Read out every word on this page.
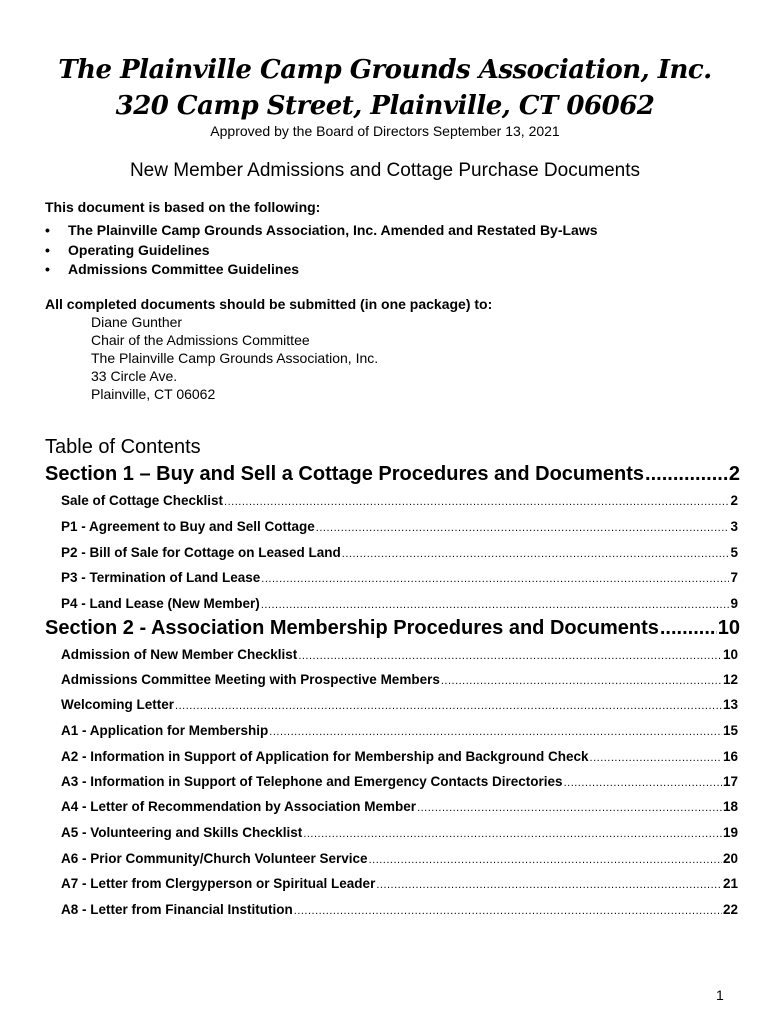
The Plainville Camp Grounds Association, Inc.
320 Camp Street, Plainville, CT 06062
Approved by the Board of Directors September 13, 2021
New Member Admissions and Cottage Purchase Documents
This document is based on the following:
• The Plainville Camp Grounds Association, Inc. Amended and Restated By-Laws
• Operating Guidelines
• Admissions Committee Guidelines
All completed documents should be submitted (in one package) to:
Diane Gunther
Chair of the Admissions Committee
The Plainville Camp Grounds Association, Inc.
33 Circle Ave.
Plainville, CT 06062
Table of Contents
Section 1 – Buy and Sell a Cottage Procedures and Documents .....	2
Sale of Cottage Checklist .....	2
P1 - Agreement to Buy and Sell Cottage .....	3
P2 - Bill of Sale for Cottage on Leased Land .....	5
P3 - Termination of Land Lease .....	7
P4 - Land Lease (New Member) .....	9
Section 2 - Association Membership Procedures and Documents .....	10
Admission of New Member Checklist .....	10
Admissions Committee Meeting with Prospective Members .....	12
Welcoming Letter .....	13
A1 - Application for Membership .....	15
A2 - Information in Support of Application for Membership and Background Check .....	16
A3 - Information in Support of Telephone and Emergency Contacts Directories .....	17
A4 - Letter of Recommendation by Association Member .....	18
A5 - Volunteering and Skills Checklist .....	19
A6 - Prior Community/Church Volunteer Service .....	20
A7 - Letter from Clergyperson or Spiritual Leader .....	21
A8 - Letter from Financial Institution .....	22
1
